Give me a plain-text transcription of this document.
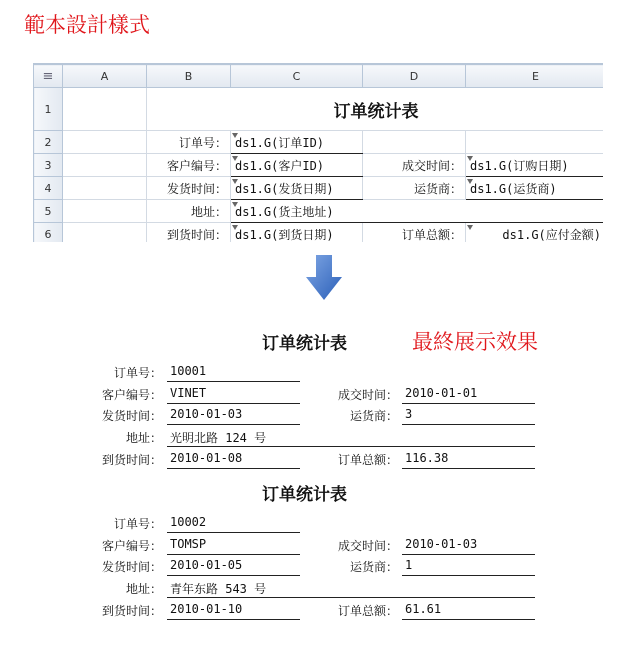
範本設計樣式
≡	A	B	C	D	E
1		订单统计表			
2		订单号：	ds1.G(订单ID)		
3		客户编号：	ds1.G(客户ID)	成交时间：	ds1.G(订购日期)
4		发货时间：	ds1.G(发货日期)	运货商：	ds1.G(运货商)
5		地址：	ds1.G(货主地址)		
6		到货时间：	ds1.G(到货日期)	订单总额：	ds1.G(应付金额)

最終展示效果
订单统计表
订单号： 10001
客户编号： VINET	成交时间： 2010-01-01
发货时间： 2010-01-03	运货商： 3
地址： 光明北路 124 号
到货时间： 2010-01-08	订单总额： 116.38
订单统计表
订单号： 10002
客户编号： TOMSP	成交时间： 2010-01-03
发货时间： 2010-01-05	运货商： 1
地址： 青年东路 543 号
到货时间： 2010-01-10	订单总额： 61.61
